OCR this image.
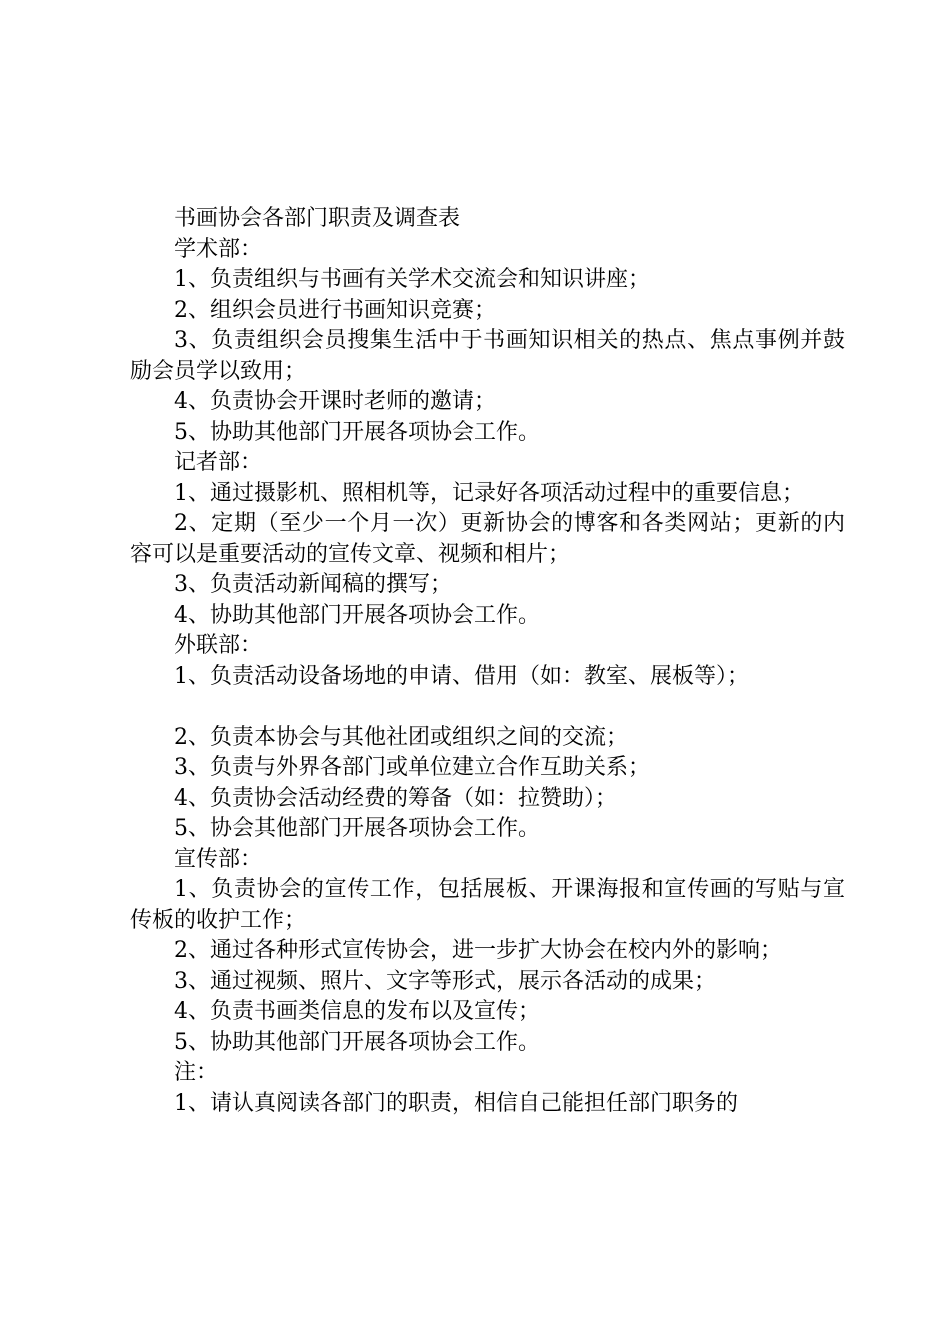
书画协会各部门职责及调查表
学术部：
1、负责组织与书画有关学术交流会和知识讲座；
2、组织会员进行书画知识竞赛；
3、负责组织会员搜集生活中于书画知识相关的热点、焦点事例并鼓励会员学以致用；
4、负责协会开课时老师的邀请；
5、协助其他部门开展各项协会工作。
记者部：
1、通过摄影机、照相机等，记录好各项活动过程中的重要信息；
2、定期（至少一个月一次）更新协会的博客和各类网站；更新的内容可以是重要活动的宣传文章、视频和相片；
3、负责活动新闻稿的撰写；
4、协助其他部门开展各项协会工作。
外联部：
1、负责活动设备场地的申请、借用（如：教室、展板等）；
2、负责本协会与其他社团或组织之间的交流；
3、负责与外界各部门或单位建立合作互助关系；
4、负责协会活动经费的筹备（如：拉赞助）；
5、协会其他部门开展各项协会工作。
宣传部：
1、负责协会的宣传工作，包括展板、开课海报和宣传画的写贴与宣传板的收护工作；
2、通过各种形式宣传协会，进一步扩大协会在校内外的影响；
3、通过视频、照片、文字等形式，展示各活动的成果；
4、负责书画类信息的发布以及宣传；
5、协助其他部门开展各项协会工作。
注：
1、请认真阅读各部门的职责，相信自己能担任部门职务的
